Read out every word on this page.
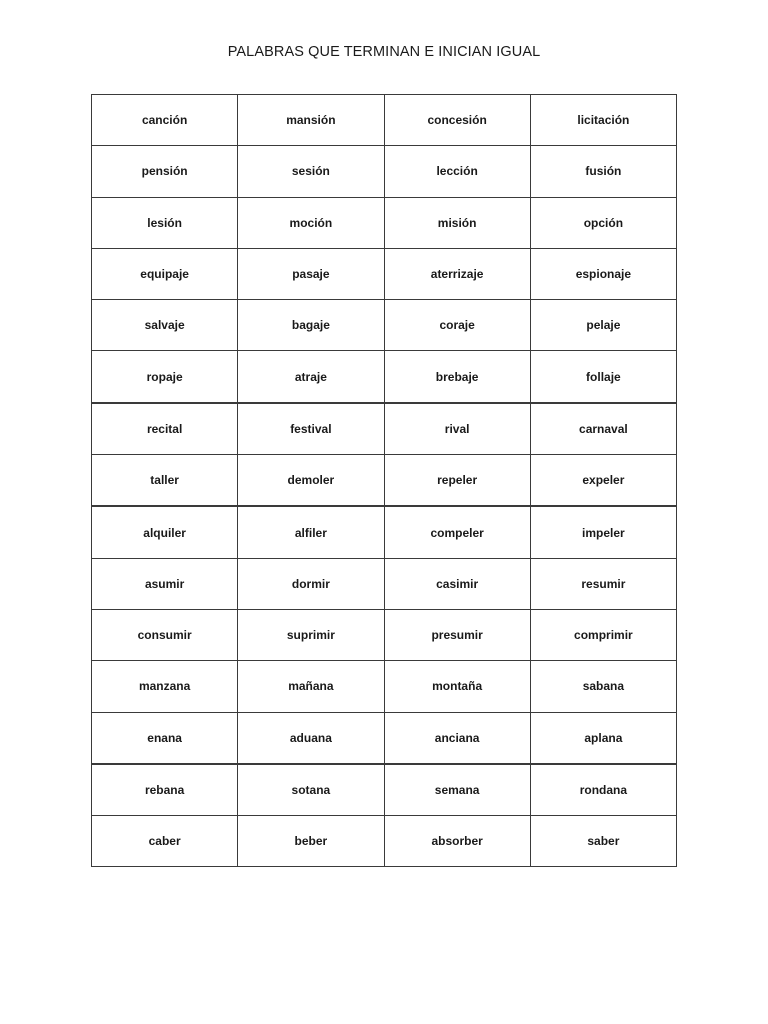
PALABRAS QUE TERMINAN E INICIAN IGUAL
canción	mansión	concesión	licitación
pensión	sesión	lección	fusión
lesión	moción	misión	opción
equipaje	pasaje	aterrizaje	espionaje
salvaje	bagaje	coraje	pelaje
ropaje	atraje	brebaje	follaje
recital	festival	rival	carnaval
taller	demoler	repeler	expeler
alquiler	alfiler	compeler	impeler
asumir	dormir	casimir	resumir
consumir	suprimir	presumir	comprimir
manzana	mañana	montaña	sabana
enana	aduana	anciana	aplana
rebana	sotana	semana	rondana
caber	beber	absorber	saber
